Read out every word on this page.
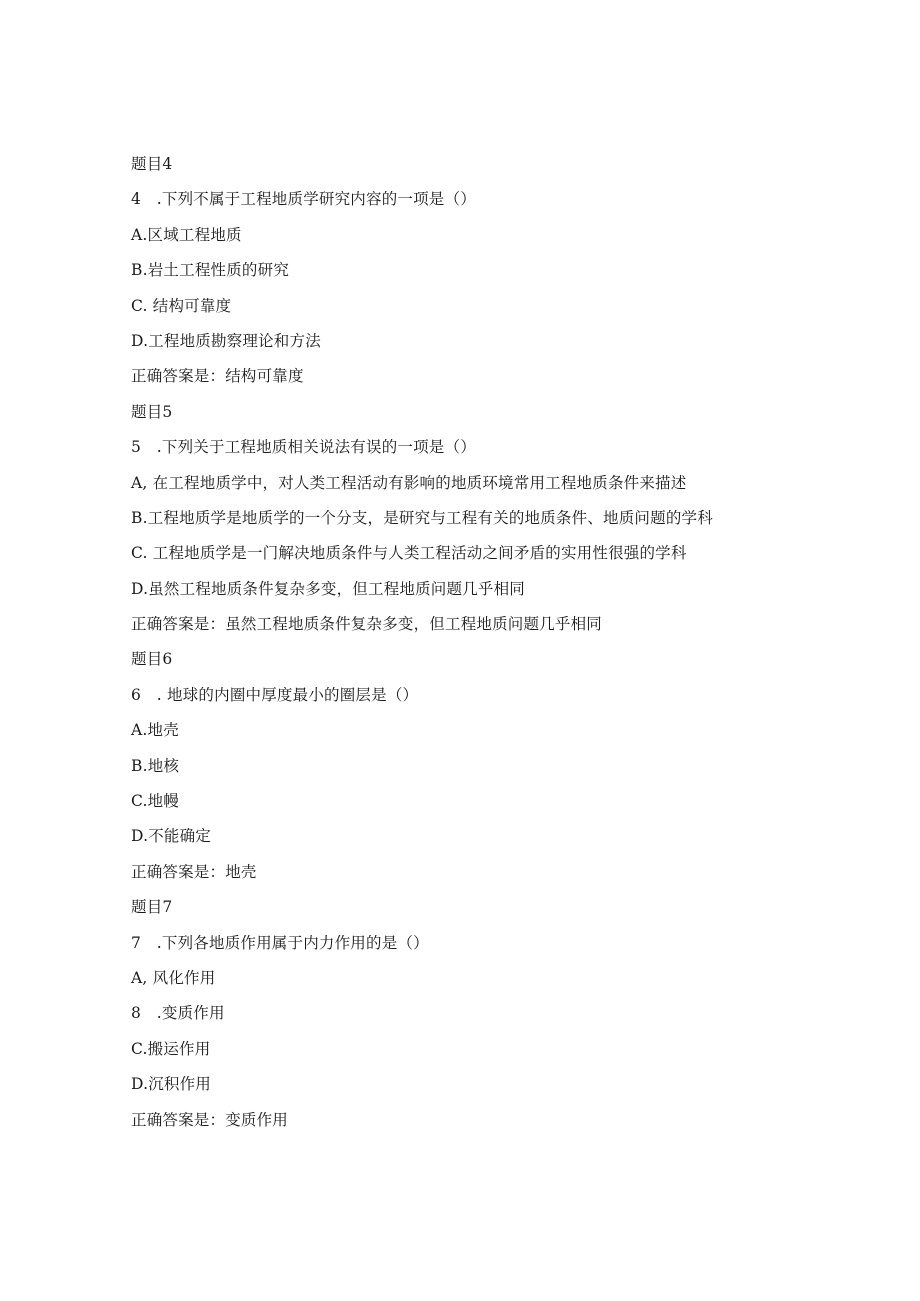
题目4
4　.下列不属于工程地质学研究内容的一项是（）
A.区域工程地质
B.岩土工程性质的研究
C. 结构可靠度
D.工程地质勘察理论和方法
正确答案是：结构可靠度
题目5
5　.下列关于工程地质相关说法有误的一项是（）
A, 在工程地质学中，对人类工程活动有影响的地质环境常用工程地质条件来描述
B.工程地质学是地质学的一个分支，是研究与工程有关的地质条件、地质问题的学科
C. 工程地质学是一门解决地质条件与人类工程活动之间矛盾的实用性很强的学科
D.虽然工程地质条件复杂多变，但工程地质问题几乎相同
正确答案是：虽然工程地质条件复杂多变，但工程地质问题几乎相同
题目6
6　. 地球的内圈中厚度最小的圈层是（）
A.地壳
B.地核
C.地幔
D.不能确定
正确答案是：地壳
题目7
7　.下列各地质作用属于内力作用的是（）
A, 风化作用
8　.变质作用
C.搬运作用
D.沉积作用
正确答案是：变质作用
